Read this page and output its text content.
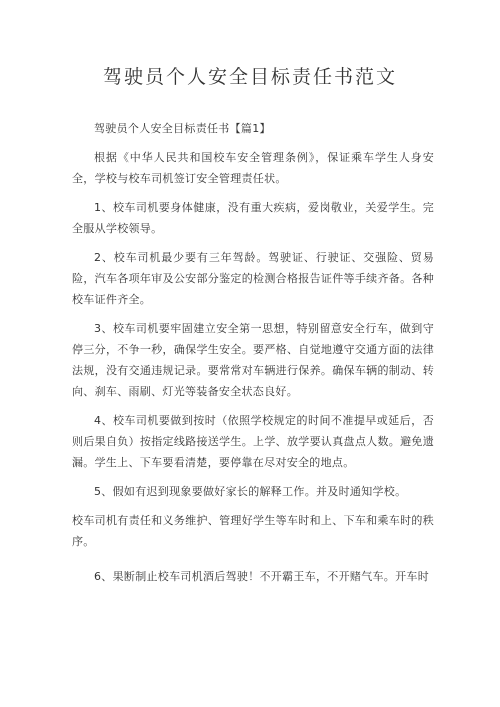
驾驶员个人安全目标责任书范文

驾驶员个人安全目标责任书【篇1】

根据《中华人民共和国校车安全管理条例》，保证乘车学生人身安全，学校与校车司机签订安全管理责任状。

1、校车司机要身体健康，没有重大疾病，爱岗敬业，关爱学生。完全服从学校领导。

2、校车司机最少要有三年驾龄。驾驶证、行驶证、交强险、贸易险，汽车各项年审及公安部分鉴定的检测合格报告证件等手续齐备。各种校车证件齐全。

3、校车司机要牢固建立安全第一思想，特别留意安全行车，做到守停三分，不争一秒，确保学生安全。要严格、自觉地遵守交通方面的法律法规，没有交通违规记录。要常常对车辆进行保养。确保车辆的制动、转向、刹车、雨刷、灯光等装备安全状态良好。

4、校车司机要做到按时（依照学校规定的时间不准提早或延后，否则后果自负）按指定线路接送学生。上学、放学要认真盘点人数。避免遗漏。学生上、下车要看清楚，要停靠在尽对安全的地点。

5、假如有迟到现象要做好家长的解释工作。并及时通知学校。

校车司机有责任和义务维护、管理好学生等车时和上、下车和乘车时的秩序。

6、果断制止校车司机酒后驾驶！不开霸王车，不开赌气车。开车时
